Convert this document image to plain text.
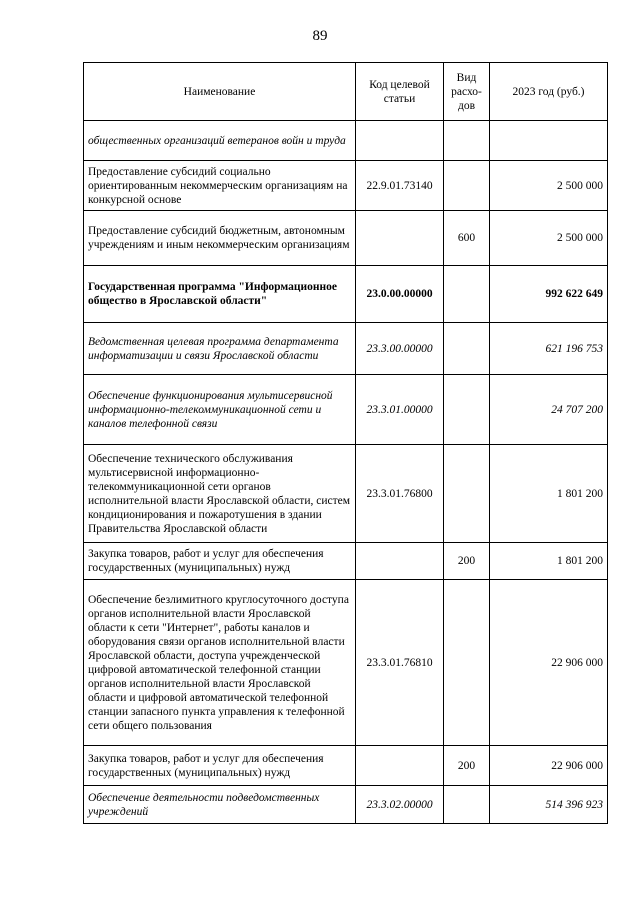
89
Наименование	Код целевой статьи	Вид расхо-дов	2023 год (руб.)
общественных организаций ветеранов войн и труда			
Предоставление субсидий социально ориентированным некоммерческим организациям на конкурсной основе	22.9.01.73140		2 500 000
Предоставление субсидий бюджетным, автономным учреждениям и иным некоммерческим организациям		600	2 500 000
Государственная программа "Информационное общество в Ярославской области"	23.0.00.00000		992 622 649
Ведомственная целевая программа департамента информатизации и связи Ярославской области	23.3.00.00000		621 196 753
Обеспечение функционирования мультисервисной информационно-телекоммуникационной сети и каналов телефонной связи	23.3.01.00000		24 707 200
Обеспечение технического обслуживания мультисервисной информационно-телекоммуникационной сети органов исполнительной власти Ярославской области, систем кондиционирования и пожаротушения в здании Правительства Ярославской области	23.3.01.76800		1 801 200
Закупка товаров, работ и услуг для обеспечения государственных (муниципальных) нужд		200	1 801 200
Обеспечение безлимитного круглосуточного доступа органов исполнительной власти Ярославской области к сети "Интернет", работы каналов и оборудования связи органов исполнительной власти Ярославской области, доступа учрежденческой цифровой автоматической телефонной станции органов исполнительной власти Ярославской области и цифровой автоматической телефонной станции запасного пункта управления к телефонной сети общего пользования	23.3.01.76810		22 906 000
Закупка товаров, работ и услуг для обеспечения государственных (муниципальных) нужд		200	22 906 000
Обеспечение деятельности подведомственных учреждений	23.3.02.00000		514 396 923
